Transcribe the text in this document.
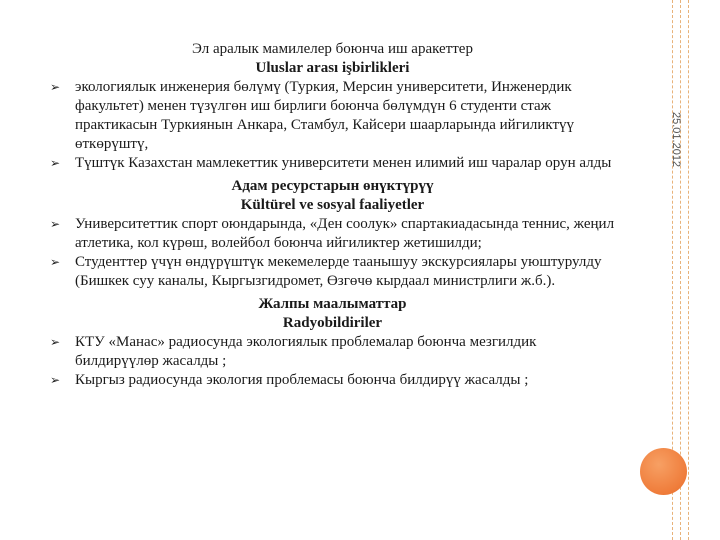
25.01.2012
Эл аралык мамилелер боюнча иш аракеттер
Uluslar arası işbirlikleri
➢ экологиялык инженерия бөлүмү (Туркия, Мерсин университети, Инженердик факультет) менен түзүлгөн иш бирлиги боюнча бөлүмдүн 6 студенти стаж практикасын Туркиянын Анкара, Стамбул, Кайсери шаарларында ийгиликтүү өткөрүштү,
➢ Түштүк Казахстан мамлекеттик университети менен илимий иш чаралар орун алды
Адам ресурстарын өнүктүрүү
Kültürel ve sosyal faaliyetler
➢ Университеттик спорт оюндарында, «Ден соолук» спартакиадасында теннис, жеңил атлетика, кол күрөш, волейбол боюнча ийгиликтер жетишилди;
➢ Студенттер үчүн өндүрүштүк мекемелерде таанышуу экскурсиялары уюштурулду (Бишкек суу каналы, Кыргызгидромет, Өзгөчө кырдаал министрлиги ж.б.).
Жалпы маалыматтар
Radyobildiriler
➢ КТУ «Манас» радиосунда экологиялык проблемалар боюнча мезгилдик билдирүүлөр жасалды ;
➢ Кыргыз радиосунда экология проблемасы боюнча билдирүү жасалды ;
